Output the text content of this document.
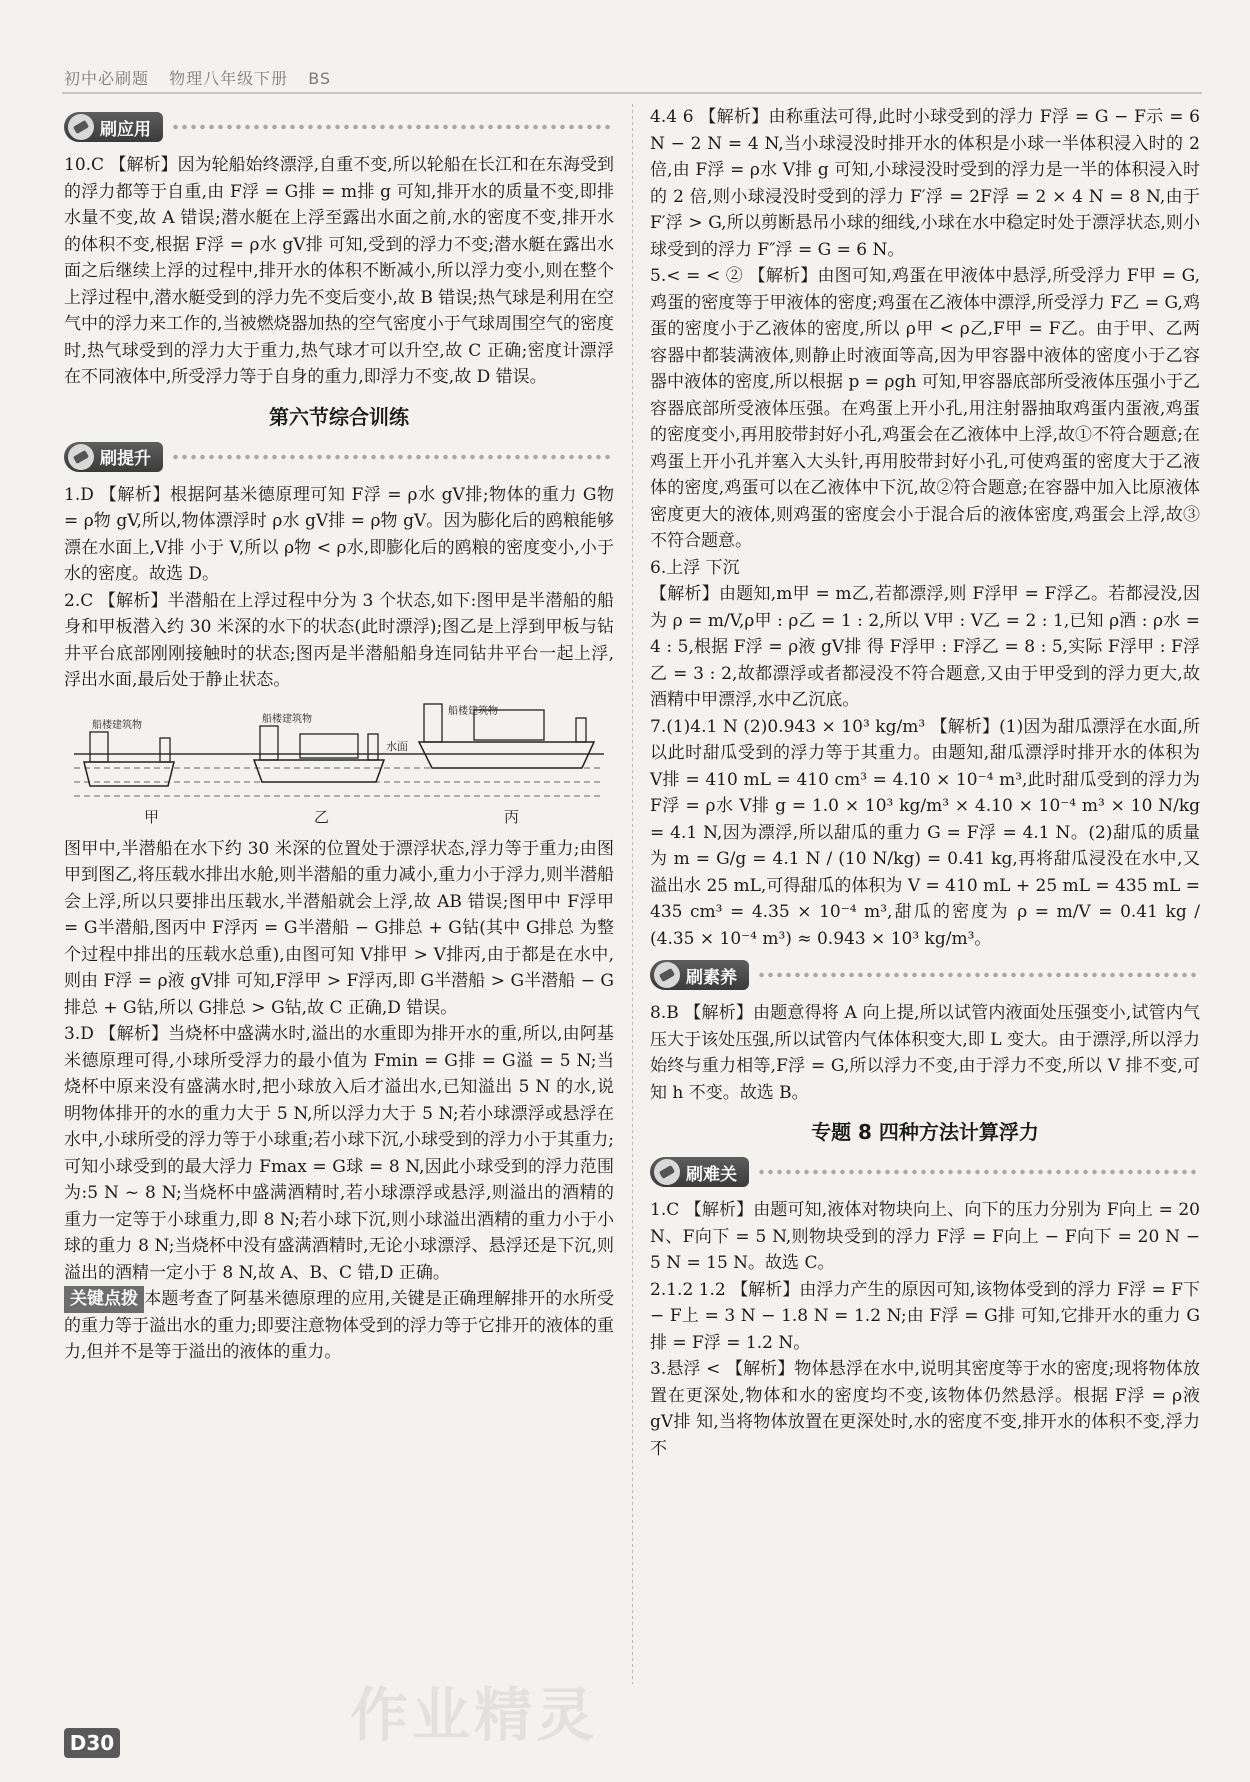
初中必刷题 物理八年级下册 BS
刷应用

10.C 【解析】因为轮船始终漂浮,自重不变,所以轮船在长江和在东海受到的浮力都等于自重,由 F浮 = G排 = m排 g 可知,排开水的质量不变,即排水量不变,故 A 错误;潜水艇在上浮至露出水面之前,水的密度不变,排开水的体积不变,根据 F浮 = ρ水 gV排 可知,受到的浮力不变;潜水艇在露出水面之后继续上浮的过程中,排开水的体积不断减小,所以浮力变小,则在整个上浮过程中,潜水艇受到的浮力先不变后变小,故 B 错误;热气球是利用在空气中的浮力来工作的,当被燃烧器加热的空气密度小于气球周围空气的密度时,热气球受到的浮力大于重力,热气球才可以升空,故 C 正确;密度计漂浮在不同液体中,所受浮力等于自身的重力,即浮力不变,故 D 错误。

第六节综合训练
刷提升

1.D 【解析】根据阿基米德原理可知 F浮 = ρ水 gV排;物体的重力 G物 = ρ物 gV,所以,物体漂浮时 ρ水 gV排 = ρ物 gV。因为膨化后的鸥粮能够漂在水面上,V排 小于 V,所以 ρ物 < ρ水,即膨化后的鸥粮的密度变小,小于水的密度。故选 D。

2.C 【解析】半潜船在上浮过程中分为 3 个状态,如下:图甲是半潜船的船身和甲板潜入约 30 米深的水下的状态(此时漂浮);图乙是上浮到甲板与钻井平台底部刚刚接触时的状态;图丙是半潜船船身连同钻井平台一起上浮,浮出水面,最后处于静止状态。

船楼建筑物
船楼建筑物
水面
船楼建筑物
甲	乙	丙

图甲中,半潜船在水下约 30 米深的位置处于漂浮状态,浮力等于重力;由图甲到图乙,将压载水排出水舱,则半潜船的重力减小,重力小于浮力,则半潜船会上浮,所以只要排出压载水,半潜船就会上浮,故 AB 错误;图甲中 F浮甲 = G半潜船,图丙中 F浮丙 = G半潜船 − G排总 + G钻(其中 G排总 为整个过程中排出的压载水总重),由图可知 V排甲 > V排丙,由于都是在水中,则由 F浮 = ρ液 gV排 可知,F浮甲 > F浮丙,即 G半潜船 > G半潜船 − G排总 + G钻,所以 G排总 > G钻,故 C 正确,D 错误。

3.D 【解析】当烧杯中盛满水时,溢出的水重即为排开水的重,所以,由阿基米德原理可得,小球所受浮力的最小值为 Fmin = G排 = G溢 = 5 N;当烧杯中原来没有盛满水时,把小球放入后才溢出水,已知溢出 5 N 的水,说明物体排开的水的重力大于 5 N,所以浮力大于 5 N;若小球漂浮或悬浮在水中,小球所受的浮力等于小球重;若小球下沉,小球受到的浮力小于其重力;可知小球受到的最大浮力 Fmax = G球 = 8 N,因此小球受到的浮力范围为:5 N ~ 8 N;当烧杯中盛满酒精时,若小球漂浮或悬浮,则溢出的酒精的重力一定等于小球重力,即 8 N;若小球下沉,则小球溢出酒精的重力小于小球的重力 8 N;当烧杯中没有盛满酒精时,无论小球漂浮、悬浮还是下沉,则溢出的酒精一定小于 8 N,故 A、B、C 错,D 正确。

关键点拨 本题考查了阿基米德原理的应用,关键是正确理解排开的水所受的重力等于溢出水的重力;即要注意物体受到的浮力等于它排开的液体的重力,但并不是等于溢出的液体的重力。

4.4 6 【解析】由称重法可得,此时小球受到的浮力 F浮 = G − F示 = 6 N − 2 N = 4 N,当小球浸没时排开水的体积是小球一半体积浸入时的 2 倍,由 F浮 = ρ水 V排 g 可知,小球浸没时受到的浮力是一半的体积浸入时的 2 倍,则小球浸没时受到的浮力 F′浮 = 2F浮 = 2 × 4 N = 8 N,由于 F′浮 > G,所以剪断悬吊小球的细线,小球在水中稳定时处于漂浮状态,则小球受到的浮力 F″浮 = G = 6 N。

5.< = < ② 【解析】由图可知,鸡蛋在甲液体中悬浮,所受浮力 F甲 = G,鸡蛋的密度等于甲液体的密度;鸡蛋在乙液体中漂浮,所受浮力 F乙 = G,鸡蛋的密度小于乙液体的密度,所以 ρ甲 < ρ乙,F甲 = F乙。由于甲、乙两容器中都装满液体,则静止时液面等高,因为甲容器中液体的密度小于乙容器中液体的密度,所以根据 p = ρgh 可知,甲容器底部所受液体压强小于乙容器底部所受液体压强。在鸡蛋上开小孔,用注射器抽取鸡蛋内蛋液,鸡蛋的密度变小,再用胶带封好小孔,鸡蛋会在乙液体中上浮,故①不符合题意;在鸡蛋上开小孔并塞入大头针,再用胶带封好小孔,可使鸡蛋的密度大于乙液体的密度,鸡蛋可以在乙液体中下沉,故②符合题意;在容器中加入比原液体密度更大的液体,则鸡蛋的密度会小于混合后的液体密度,鸡蛋会上浮,故③不符合题意。

6.上浮 下沉

【解析】由题知,m甲 = m乙,若都漂浮,则 F浮甲 = F浮乙。若都浸没,因为 ρ = m/V,ρ甲 : ρ乙 = 1 : 2,所以 V甲 : V乙 = 2 : 1,已知 ρ酒 : ρ水 = 4 : 5,根据 F浮 = ρ液 gV排 得 F浮甲 : F浮乙 = 8 : 5,实际 F浮甲 : F浮乙 = 3 : 2,故都漂浮或者都浸没不符合题意,又由于甲受到的浮力更大,故酒精中甲漂浮,水中乙沉底。

7.(1)4.1 N (2)0.943 × 10³ kg/m³ 【解析】(1)因为甜瓜漂浮在水面,所以此时甜瓜受到的浮力等于其重力。由题知,甜瓜漂浮时排开水的体积为 V排 = 410 mL = 410 cm³ = 4.10 × 10⁻⁴ m³,此时甜瓜受到的浮力为 F浮 = ρ水 V排 g = 1.0 × 10³ kg/m³ × 4.10 × 10⁻⁴ m³ × 10 N/kg = 4.1 N,因为漂浮,所以甜瓜的重力 G = F浮 = 4.1 N。(2)甜瓜的质量为 m = G/g = 4.1 N / (10 N/kg) = 0.41 kg,再将甜瓜浸没在水中,又溢出水 25 mL,可得甜瓜的体积为 V = 410 mL + 25 mL = 435 mL = 435 cm³ = 4.35 × 10⁻⁴ m³,甜瓜的密度为 ρ = m/V = 0.41 kg / (4.35 × 10⁻⁴ m³) ≈ 0.943 × 10³ kg/m³。

刷素养

8.B 【解析】由题意得将 A 向上提,所以试管内液面处压强变小,试管内气压大于该处压强,所以试管内气体体积变大,即 L 变大。由于漂浮,所以浮力始终与重力相等,F浮 = G,所以浮力不变,由于浮力不变,所以 V 排不变,可知 h 不变。故选 B。

专题 8 四种方法计算浮力
刷难关

1.C 【解析】由题可知,液体对物块向上、向下的压力分别为 F向上 = 20 N、F向下 = 5 N,则物块受到的浮力 F浮 = F向上 − F向下 = 20 N − 5 N = 15 N。故选 C。

2.1.2 1.2 【解析】由浮力产生的原因可知,该物体受到的浮力 F浮 = F下 − F上 = 3 N − 1.8 N = 1.2 N;由 F浮 = G排 可知,它排开水的重力 G排 = F浮 = 1.2 N。

3.悬浮 < 【解析】物体悬浮在水中,说明其密度等于水的密度;现将物体放置在更深处,物体和水的密度均不变,该物体仍然悬浮。根据 F浮 = ρ液 gV排 知,当将物体放置在更深处时,水的密度不变,排开水的体积不变,浮力不

作业精灵
D30
